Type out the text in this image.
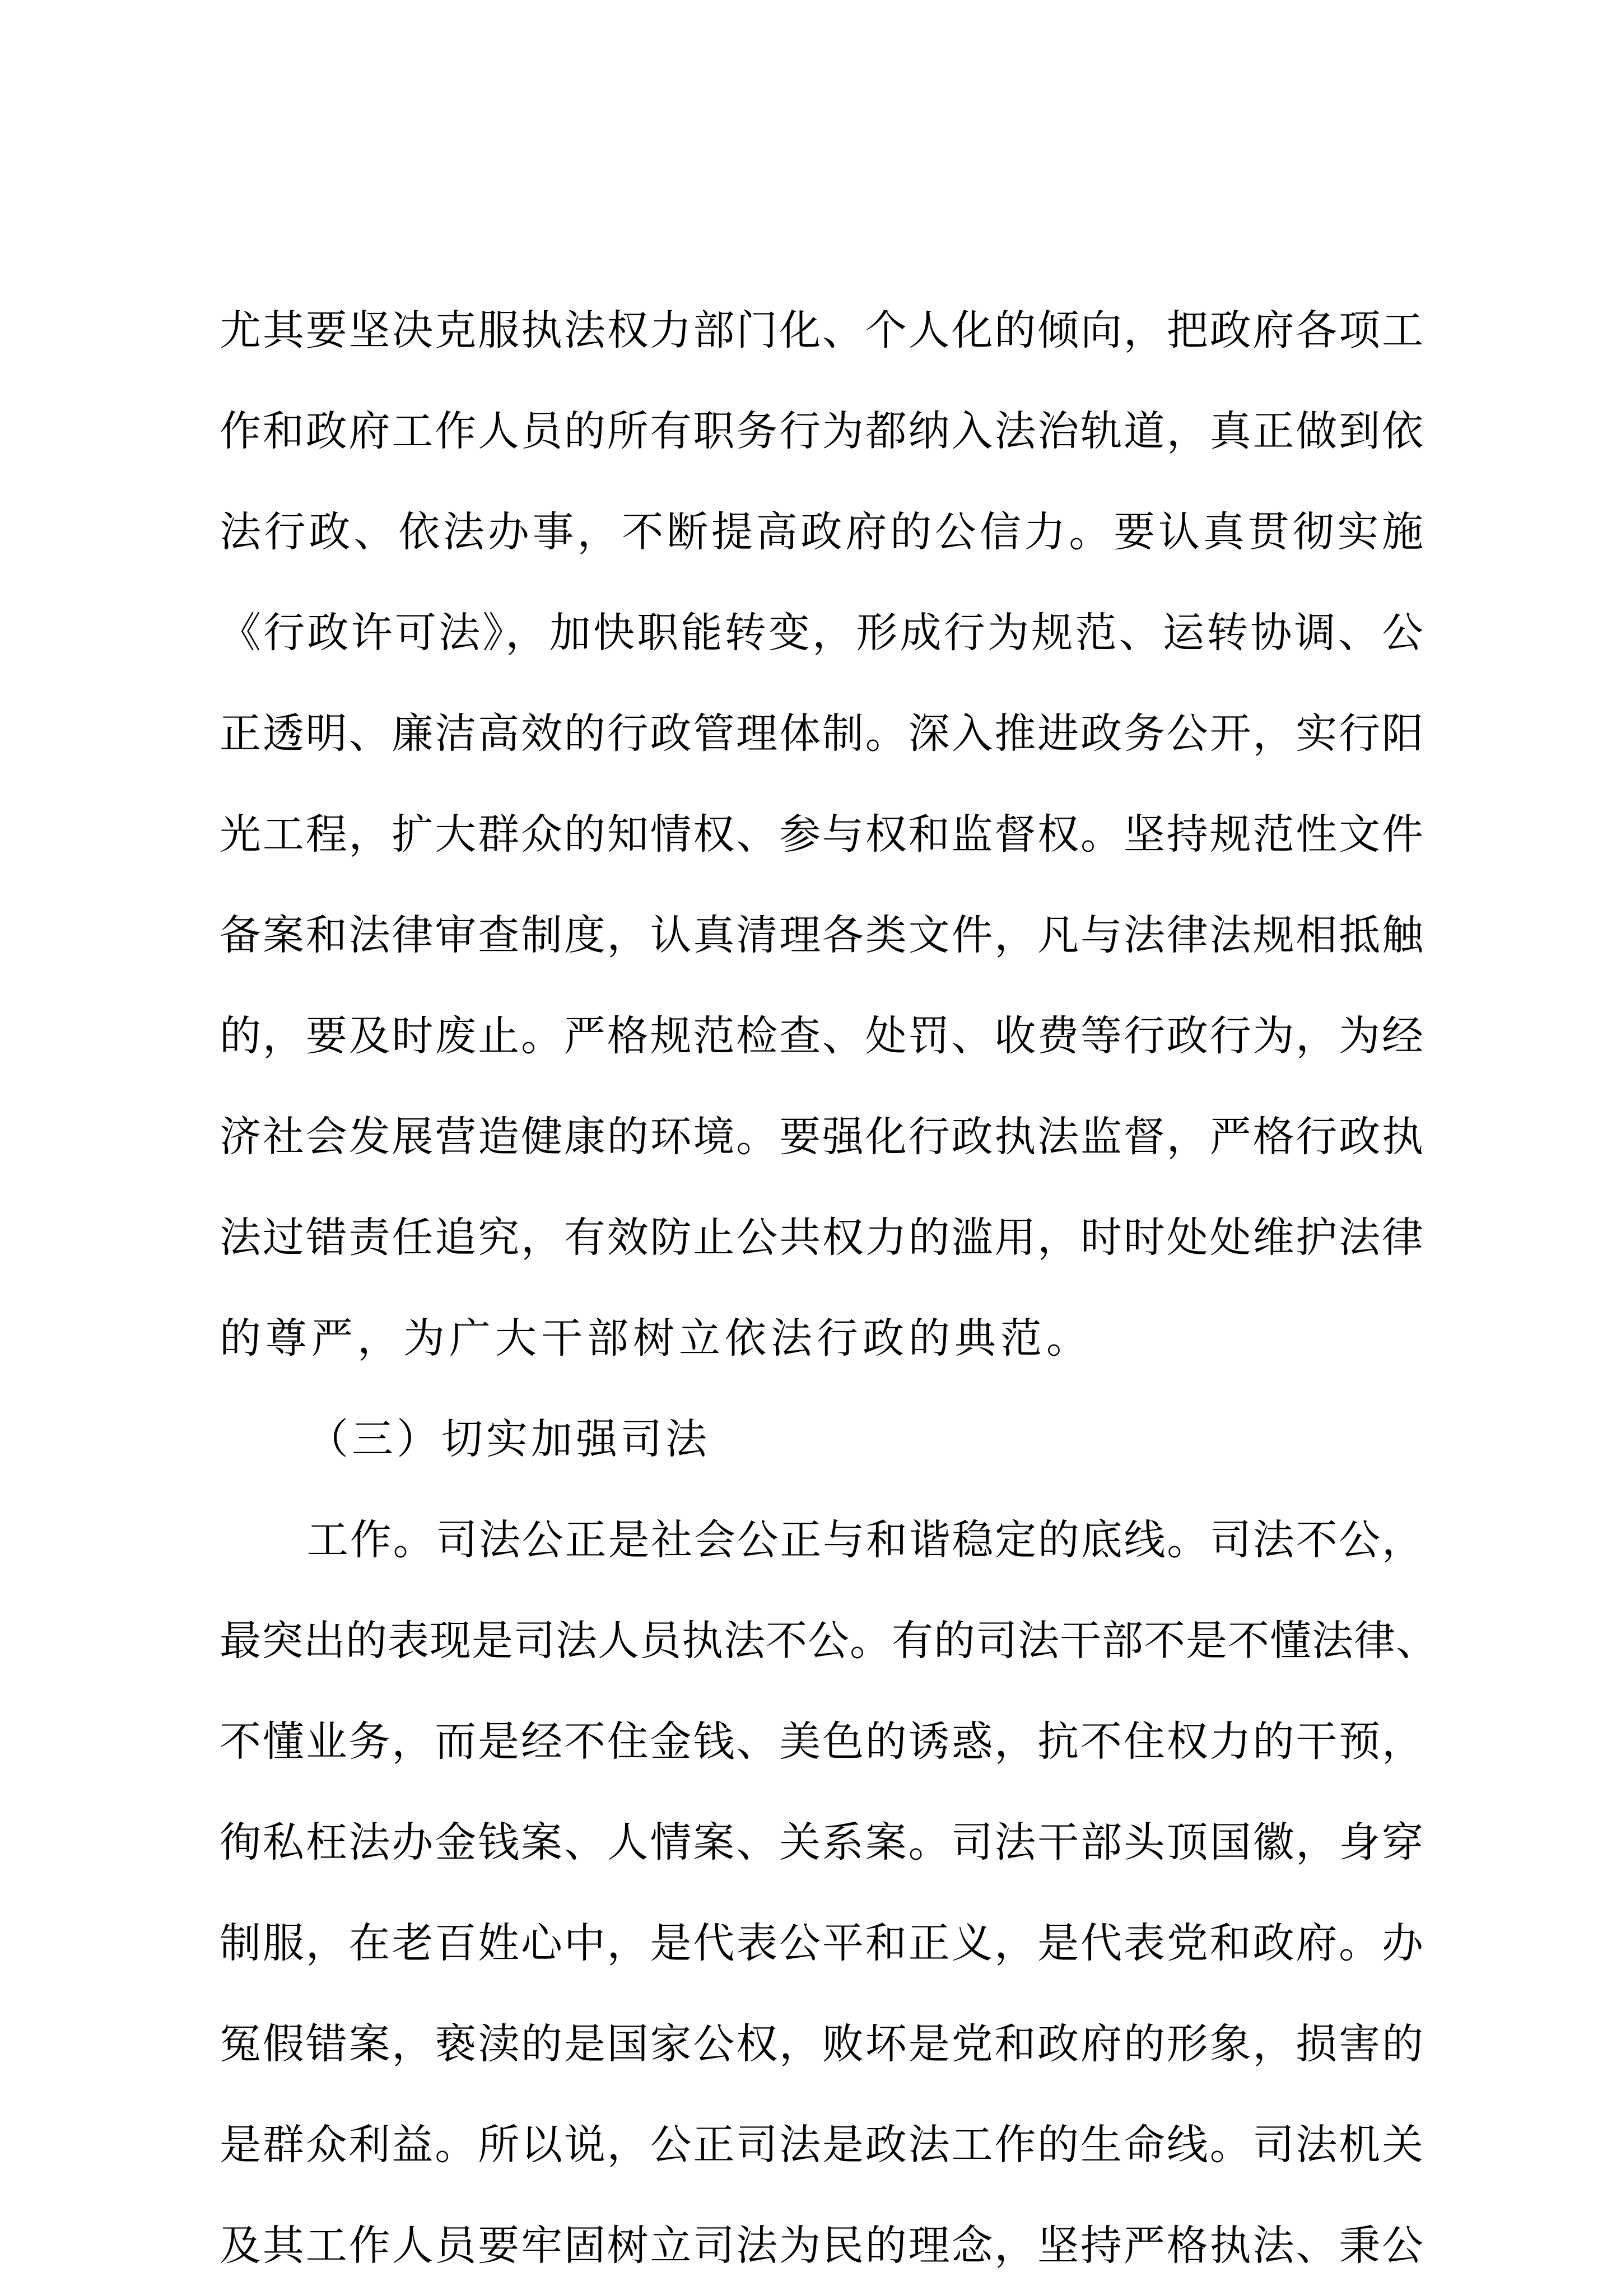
尤其要坚决克服执法权力部门化、个人化的倾向，把政府各项工
作和政府工作人员的所有职务行为都纳入法治轨道，真正做到依
法行政、依法办事，不断提高政府的公信力。要认真贯彻实施
《行政许可法》，加快职能转变，形成行为规范、运转协调、公
正透明、廉洁高效的行政管理体制。深入推进政务公开，实行阳
光工程，扩大群众的知情权、参与权和监督权。坚持规范性文件
备案和法律审查制度，认真清理各类文件，凡与法律法规相抵触
的，要及时废止。严格规范检查、处罚、收费等行政行为，为经
济社会发展营造健康的环境。要强化行政执法监督，严格行政执
法过错责任追究，有效防止公共权力的滥用，时时处处维护法律
的尊严，为广大干部树立依法行政的典范。
（三）切实加强司法
工作。司法公正是社会公正与和谐稳定的底线。司法不公，
最突出的表现是司法人员执法不公。有的司法干部不是不懂法律、
不懂业务，而是经不住金钱、美色的诱惑，抗不住权力的干预，
徇私枉法办金钱案、人情案、关系案。司法干部头顶国徽，身穿
制服，在老百姓心中，是代表公平和正义，是代表党和政府。办
冤假错案，亵渎的是国家公权，败坏是党和政府的形象，损害的
是群众利益。所以说，公正司法是政法工作的生命线。司法机关
及其工作人员要牢固树立司法为民的理念，坚持严格执法、秉公
